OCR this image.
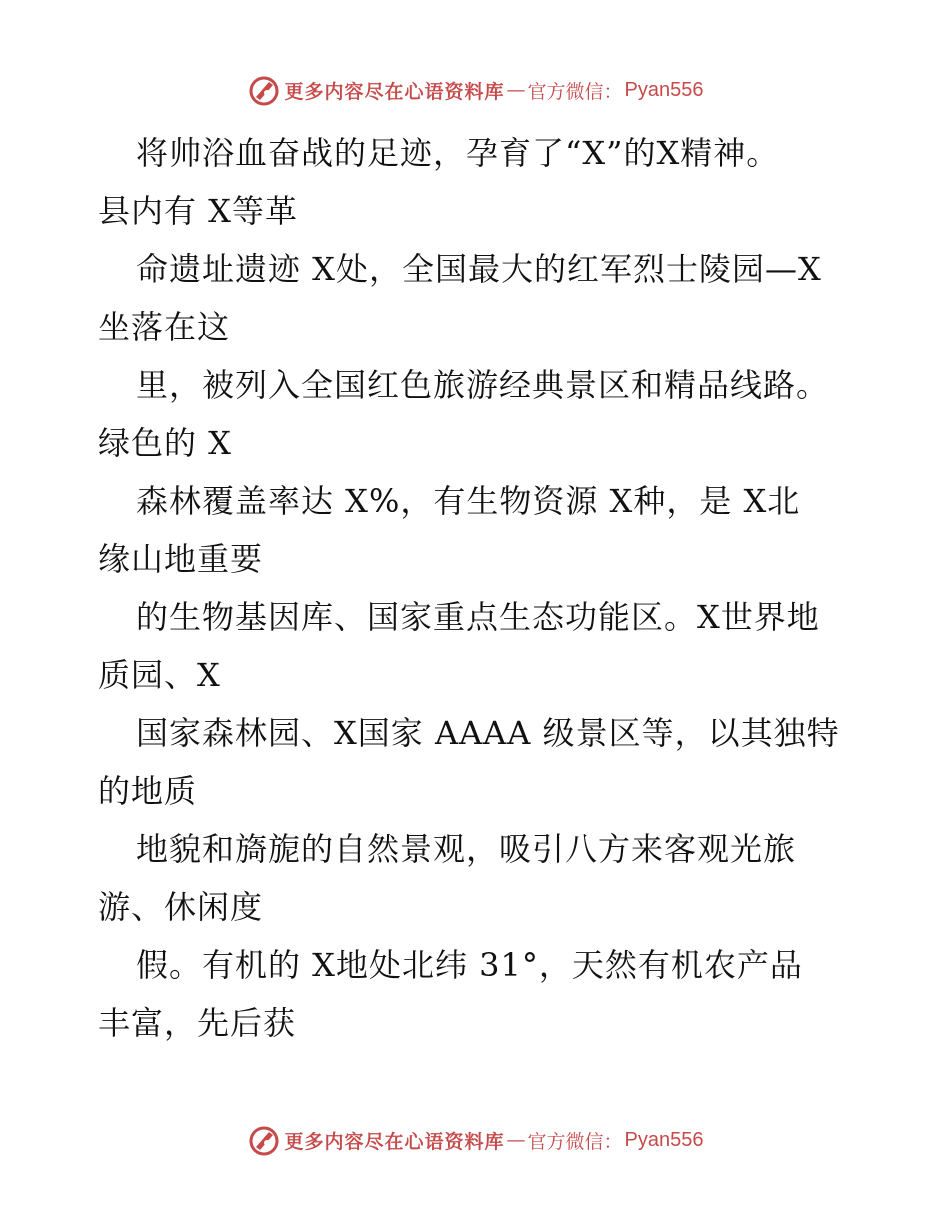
更多内容尽在心语资料库 — 官方微信： Pyan556
将帅浴血奋战的足迹，孕育了“X”的X精神。
县内有 X等革
命遗址遗迹 X处，全国最大的红军烈士陵园—X
坐落在这
里，被列入全国红色旅游经典景区和精品线路。
绿色的 X
森林覆盖率达 X%，有生物资源 X种，是 X北
缘山地重要
的生物基因库、国家重点生态功能区。X世界地
质园、X
国家森林园、X国家 AAAA 级景区等，以其独特
的地质
地貌和旖旎的自然景观，吸引八方来客观光旅
游、休闲度
假。有机的 X地处北纬 31°，天然有机农产品
丰富，先后获
更多内容尽在心语资料库 — 官方微信： Pyan556
